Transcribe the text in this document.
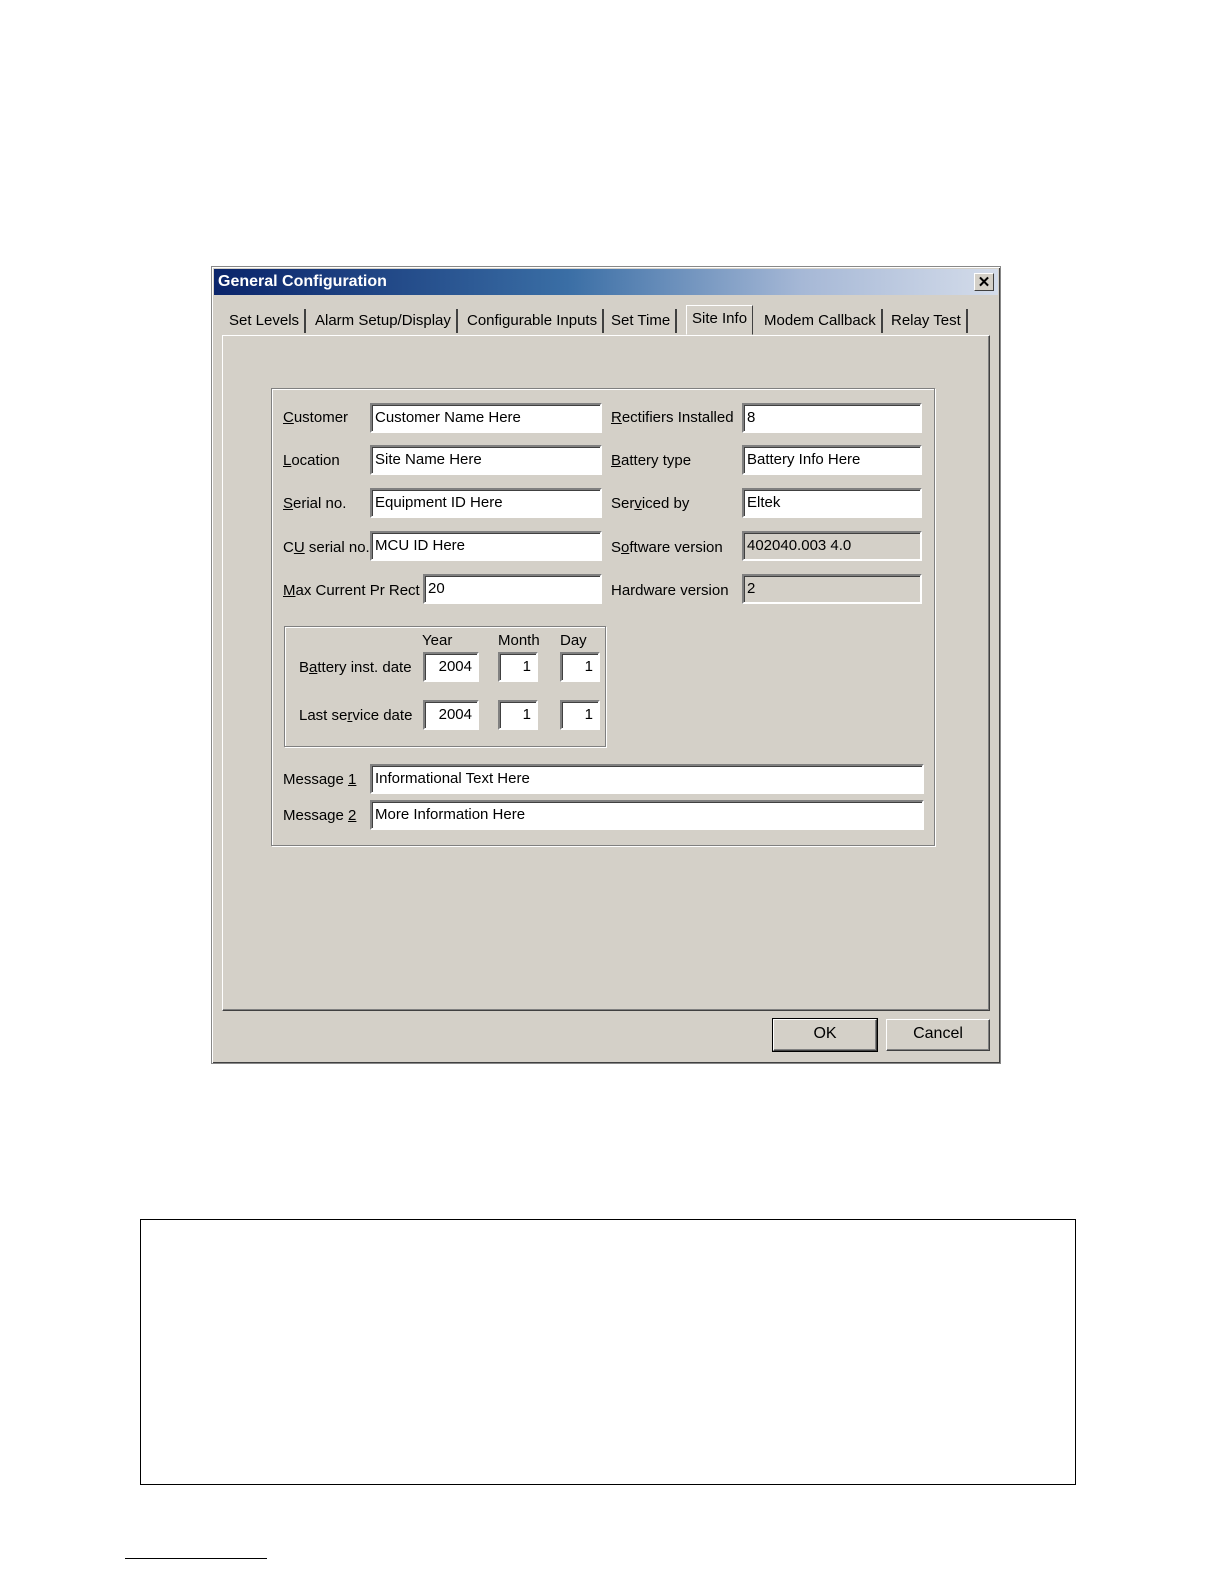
General Configuration	✕
Set Levels	Alarm Setup/Display	Configurable Inputs Set Time	Site Info	Modem Callback	Relay Test
Customer	Customer Name Here
Location	Site Name Here
Serial no.	Equipment ID Here
CU serial no. MCU ID Here
Max Current Pr Rect 20
Rectifiers Installed 8
Battery type	Battery Info Here
Serviced by	Eltek
Software version	402040.003 4.0
Hardware version	2
Year	Month Day
Battery inst. date	2004	1	1
Last service date	2004	1	1
Message 1	Informational Text Here
Message 2	More Information Here
OK	Cancel
